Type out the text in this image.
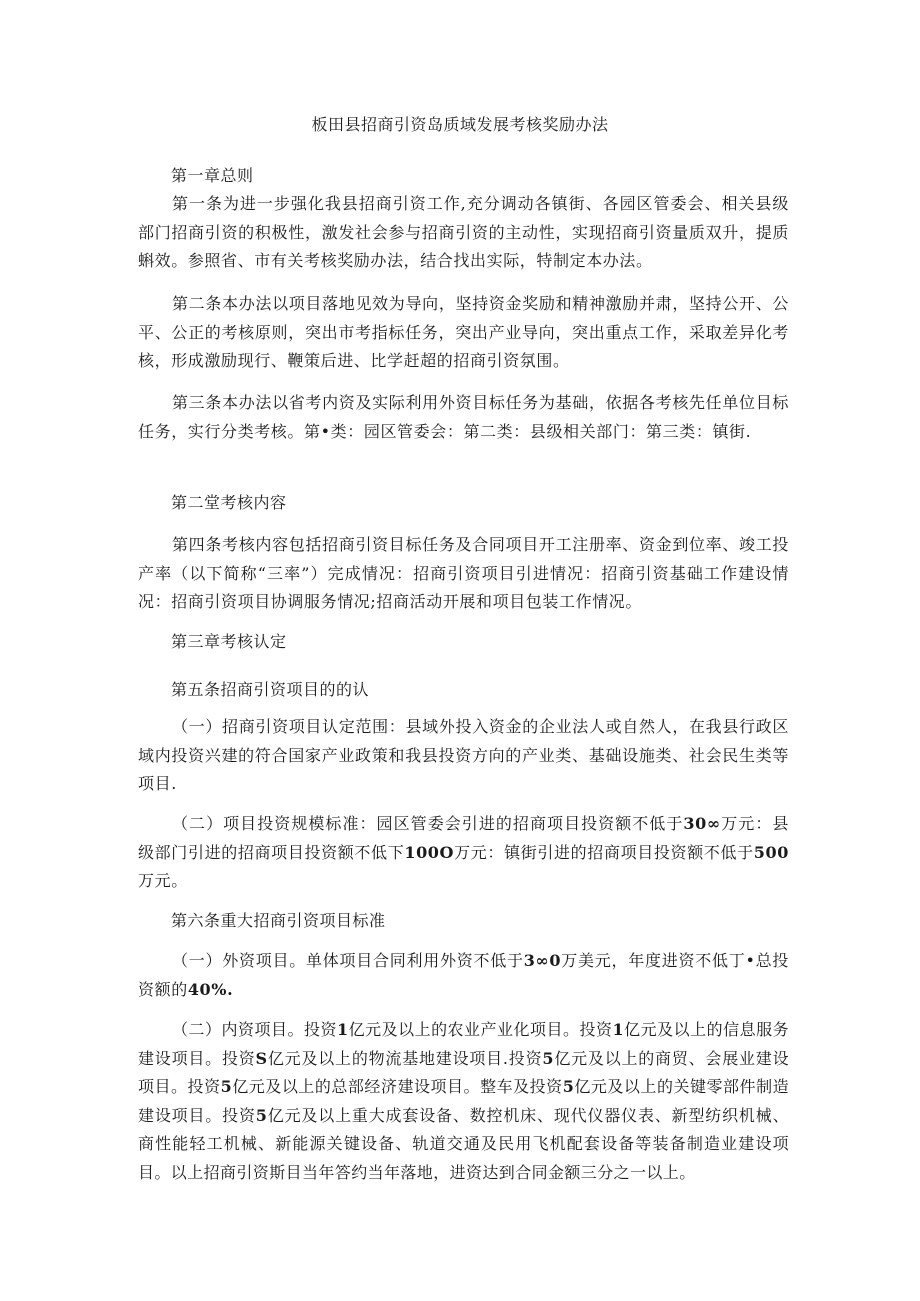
板田县招商引资岛质域发展考核奖励办法
第一章总则

第一条为进一步强化我县招商引资工作,充分调动各镇街、各园区管委会、相关县级部门招商引资的积极性，激发社会参与招商引资的主动性，实现招商引资量质双升，提质蝌效。参照省、市有关考核奖励办法，结合找出实际，特制定本办法。

第二条本办法以项目落地见效为导向，坚持资金奖励和精神激励并肃，坚持公开、公平、公正的考核原则，突出市考指标任务，突出产业导向，突出重点工作，采取差异化考核，形成激励现行、鞭策后进、比学赶超的招商引资氛围。

第三条本办法以省考内资及实际利用外资目标任务为基础，依据各考核先任单位目标任务，实行分类考核。第•类：园区管委会：第二类：县级相关部门：第三类：镇街.

第二堂考核内容

第四条考核内容包括招商引资目标任务及合同项目开工注册率、资金到位率、竣工投产率（以下简称“三率”）完成情况：招商引资项目引进情况：招商引资基础工作建设情况：招商引资项目协调服务情况;招商活动开展和项目包装工作情况。

第三章考核认定
第五条招商引资项目的的认

（一）招商引资项目认定范围：县域外投入资金的企业法人或自然人，在我县行政区域内投资兴建的符合国家产业政策和我县投资方向的产业类、基础设施类、社会民生类等项目.

（二）项目投资规模标准：园区管委会引进的招商项目投资额不低于30∞万元：县级部门引进的招商项目投资额不低下100O万元：镇街引进的招商项目投资额不低于500万元。

第六条重大招商引资项目标准

（一）外资项目。单体项目合同利用外资不低于3∞0万美元，年度进资不低丁•总投资额的40%.

（二）内资项目。投资1亿元及以上的农业产业化项目。投资1亿元及以上的信息服务建设项目。投资S亿元及以上的物流基地建设项目.投资5亿元及以上的商贸、会展业建设项目。投资5亿元及以上的总部经济建设项目。整车及投资5亿元及以上的关键零部件制造建设项目。投资5亿元及以上重大成套设备、数控机床、现代仪器仪表、新型纺织机械、商性能轻工机械、新能源关键设备、轨道交通及民用飞机配套设备等装备制造业建设项目。以上招商引资斯目当年答约当年落地，进资达到合同金额三分之一以上。
